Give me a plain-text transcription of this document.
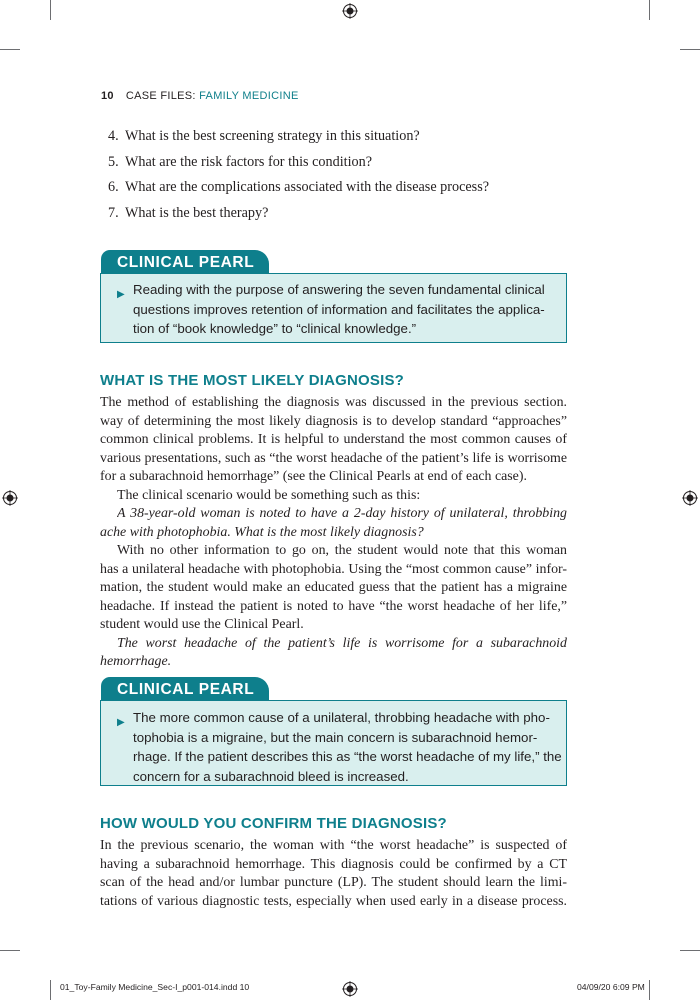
10 CASE FILES: FAMILY MEDICINE
4. What is the best screening strategy in this situation?
5. What are the risk factors for this condition?
6. What are the complications associated with the disease process?
7. What is the best therapy?
CLINICAL PEARL
▶ Reading with the purpose of answering the seven fundamental clinical
questions improves retention of information and facilitates the applica-
tion of “book knowledge” to “clinical knowledge.”
WHAT IS THE MOST LIKELY DIAGNOSIS?
The method of establishing the diagnosis was discussed in the previous section.
way of determining the most likely diagnosis is to develop standard “approaches”
common clinical problems. It is helpful to understand the most common causes of
various presentations, such as “the worst headache of the patient’s life is worrisome
for a subarachnoid hemorrhage” (see the Clinical Pearls at end of each case).
The clinical scenario would be something such as this:
A 38-year-old woman is noted to have a 2-day history of unilateral, throbbing
ache with photophobia. What is the most likely diagnosis?
With no other information to go on, the student would note that this woman
has a unilateral headache with photophobia. Using the “most common cause” infor-
mation, the student would make an educated guess that the patient has a migraine
headache. If instead the patient is noted to have “the worst headache of her life,”
student would use the Clinical Pearl.
The worst headache of the patient’s life is worrisome for a subarachnoid
hemorrhage.
CLINICAL PEARL
▶ The more common cause of a unilateral, throbbing headache with pho-
tophobia is a migraine, but the main concern is subarachnoid hemor-
rhage. If the patient describes this as “the worst headache of my life,” the
concern for a subarachnoid bleed is increased.
HOW WOULD YOU CONFIRM THE DIAGNOSIS?
In the previous scenario, the woman with “the worst headache” is suspected of
having a subarachnoid hemorrhage. This diagnosis could be confirmed by a CT
scan of the head and/or lumbar puncture (LP). The student should learn the limi-
tations of various diagnostic tests, especially when used early in a disease process.
01_Toy-Family Medicine_Sec-I_p001-014.indd 10	04/09/20 6:09 PM
